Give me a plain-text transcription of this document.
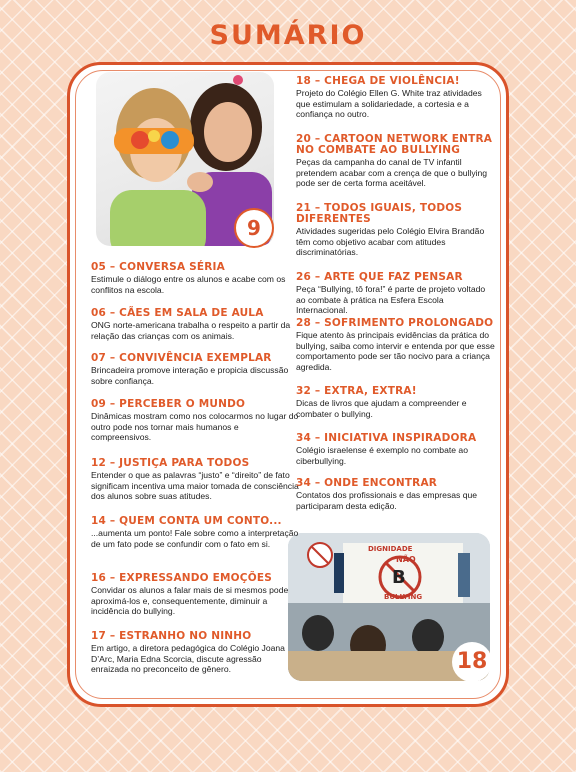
SUMÁRIO
9
DIGNIDADE
NÃO
B
BULLYING
18
05 – CONVERSA SÉRIA

Estimule o diálogo entre os alunos e acabe com os conflitos na escola.

06 – CÃES EM SALA DE AULA

ONG norte-americana trabalha o respeito a partir da relação das crianças com os animais.

07 – CONVIVÊNCIA EXEMPLAR

Brincadeira promove interação e propicia discussão sobre confiança.

09 – PERCEBER O MUNDO

Dinâmicas mostram como nos colocarmos no lugar do outro pode nos tornar mais humanos e compreensivos.

12 – JUSTIÇA PARA TODOS

Entender o que as palavras “justo” e “direito” de fato significam incentiva uma maior tomada de consciência dos alunos sobre suas atitudes.

14 – QUEM CONTA UM CONTO...

...aumenta um ponto! Fale sobre como a interpretação de um fato pode se confundir com o fato em si.

16 – EXPRESSANDO EMOÇÕES

Convidar os alunos a falar mais de si mesmos pode aproximá-los e, consequentemente, diminuir a incidência do bullying.

17 – ESTRANHO NO NINHO

Em artigo, a diretora pedagógica do Colégio Joana D’Arc, Maria Edna Scorcia, discute agressão enraizada no preconceito de gênero.

18 – CHEGA DE VIOLÊNCIA!

Projeto do Colégio Ellen G. White traz atividades que estimulam a solidariedade, a cortesia e a confiança no outro.

20 – CARTOON NETWORK ENTRA NO COMBATE AO BULLYING

Peças da campanha do canal de TV infantil pretendem acabar com a crença de que o bullying pode ser de certa forma aceitável.

21 – TODOS IGUAIS, TODOS DIFERENTES

Atividades sugeridas pelo Colégio Elvira Brandão têm como objetivo acabar com atitudes discriminatórias.

26 – ARTE QUE FAZ PENSAR

Peça “Bullying, tô fora!” é parte de projeto voltado ao combate à prática na Esfera Escola Internacional.

28 – SOFRIMENTO PROLONGADO

Fique atento às principais evidências da prática do bullying, saiba como intervir e entenda por que esse comportamento pode ser tão nocivo para a criança agredida.

32 – EXTRA, EXTRA!

Dicas de livros que ajudam a compreender e combater o bullying.

34 – INICIATIVA INSPIRADORA

Colégio israelense é exemplo no combate ao ciberbullying.

34 – ONDE ENCONTRAR

Contatos dos profissionais e das empresas que participaram desta edição.
